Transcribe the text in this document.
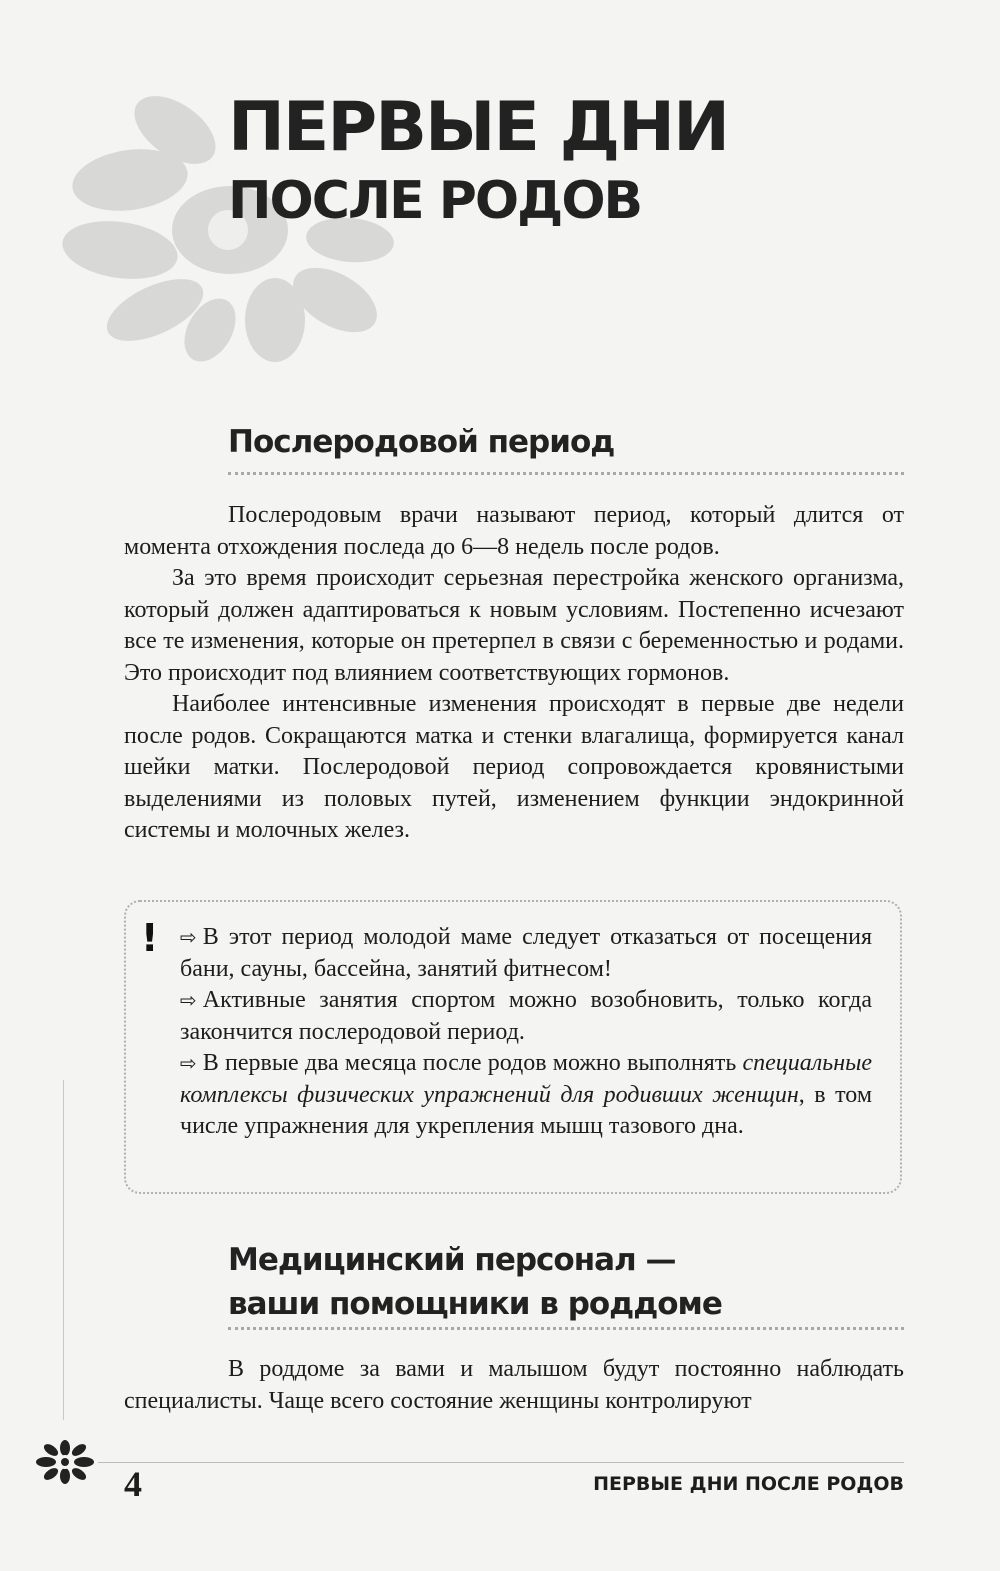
ПЕРВЫЕ ДНИ
ПОСЛЕ РОДОВ
Послеродовой период

Послеродовым врачи называют период, который длится от момента отхождения последа до 6—8 недель после родов.

За это время происходит серьезная перестройка женского организма, который должен адаптироваться к новым условиям. Постепенно исчезают все те изменения, которые он претерпел в связи с беременностью и родами. Это происходит под влиянием соответствующих гормонов.

Наиболее интенсивные изменения происходят в первые две недели после родов. Сокращаются матка и стенки влагалища, формируется канал шейки матки. Послеродовой период сопровождается кровянистыми выделениями из половых путей, изменением функции эндокринной системы и молочных желез.

! ⇨ В этот период молодой маме следует отказаться от посещения бани, сауны, бассейна, занятий фитнесом!

⇨ Активные занятия спортом можно возобновить, только когда закончится послеродовой период.

⇨ В первые два месяца после родов можно выполнять специальные комплексы физических упражнений для родивших женщин, в том числе упражнения для укрепления мышц тазового дна.

Медицинский персонал —
ваши помощники в роддоме

В роддоме за вами и малышом будут постоянно наблюдать специалисты. Чаще всего состояние женщины контролируют

4	ПЕРВЫЕ ДНИ ПОСЛЕ РОДОВ
